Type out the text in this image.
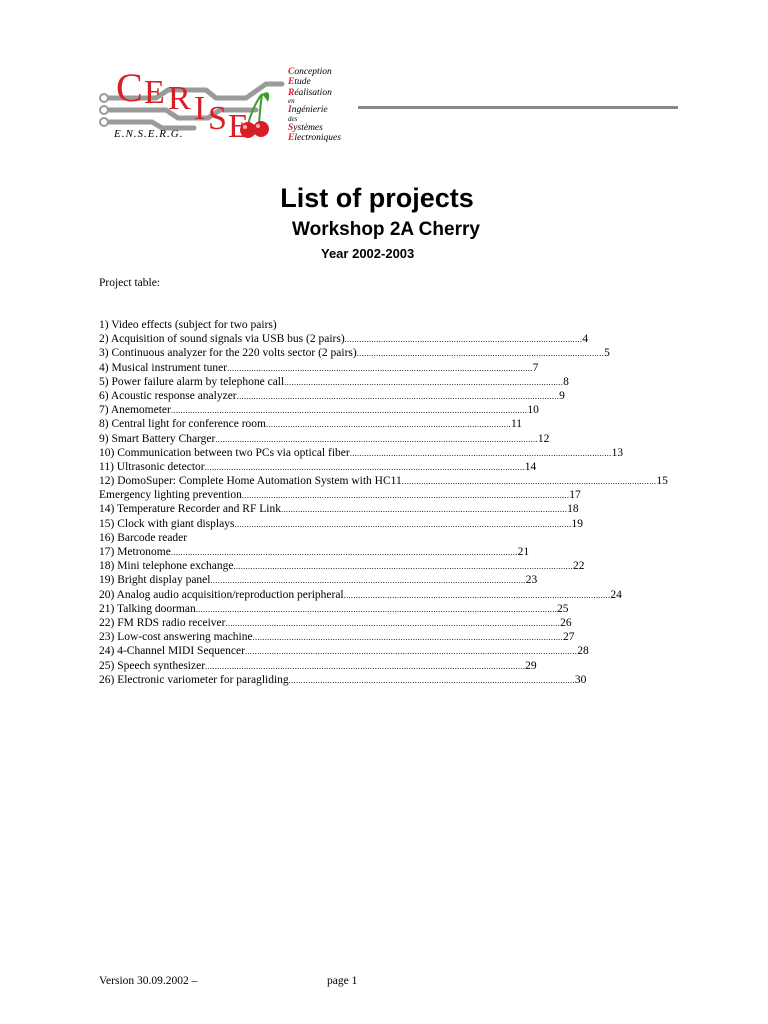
C E R I S E
E.N.S.E.R.G.
Conception
Etude
Réalisation
en
Ingénierie
des
Systèmes
Electroniques
List of projects
Workshop 2A Cherry
Year 2002-2003
Project table:
1) Video effects (subject for two pairs)
2) Acquisition of sound signals via USB bus (2 pairs) .................................................................................................. 4
3) Continuous analyzer for the 220 volts sector (2 pairs) ...................................................................................................... 5
4) Musical instrument tuner .............................................................................................................................. 7
5) Power failure alarm by telephone call ................................................................................................................... 8
6) Acoustic response analyzer ..................................................................................................................................... 9
7) Anemometer ................................................................................................................................................... 10
8) Central light for conference room ..................................................................................................... 11
9) Smart Battery Charger ..................................................................................................................................... 12
10) Communication between two PCs via optical fiber ............................................................................................................ 13
11) Ultrasonic detector .................................................................................................................................... 14
12) DomoSuper: Complete Home Automation System with HC11 ......................................................................................................... 15
Emergency lighting prevention ....................................................................................................................................... 17
14) Temperature Recorder and RF Link ...................................................................................................................... 18
15) Clock with giant displays ........................................................................................................................................... 19
16) Barcode reader
17) Metronome ............................................................................................................................................... 21
18) Mini telephone exchange ............................................................................................................................................ 22
19) Bright display panel .................................................................................................................................. 23
20) Analog audio acquisition/reproduction peripheral .............................................................................................................. 24
21) Talking doorman ..................................................................................................................................................... 25
22) FM RDS radio receiver .......................................................................................................................................... 26
23) Low-cost answering machine ................................................................................................................................ 27
24) 4-Channel MIDI Sequencer ......................................................................................................................................... 28
25) Speech synthesizer .................................................................................................................................... 29
26) Electronic variometer for paragliding ...................................................................................................................... 30
Version 30.09.2002 –	page 1
